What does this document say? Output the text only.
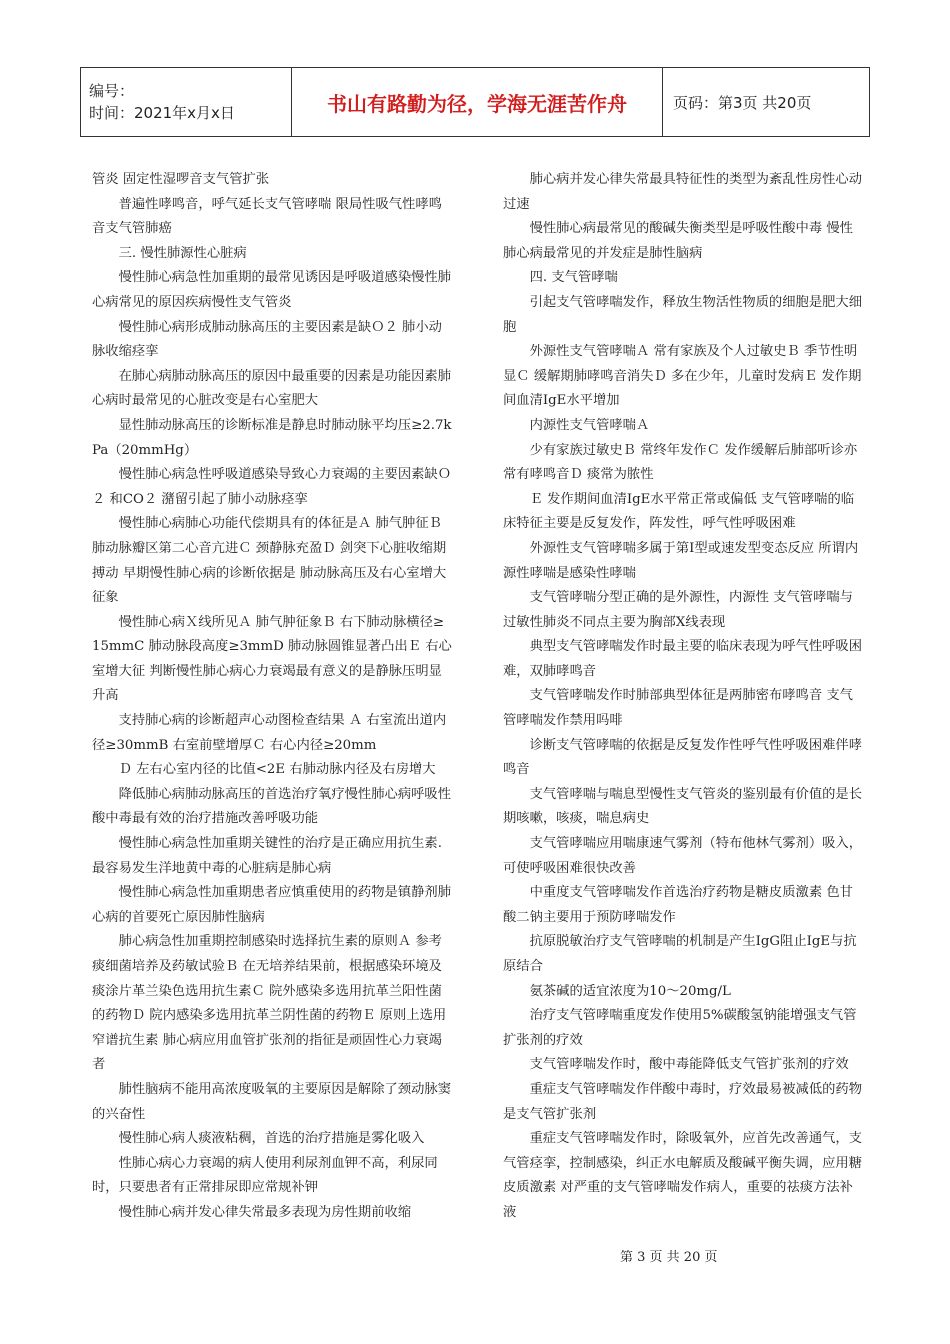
编号：
时间：2021年x月x日	书山有路勤为径，学海无涯苦作舟	页码：第3页 共20页

管炎 固定性湿啰音支气管扩张

普遍性哮鸣音，呼气延长支气管哮喘 限局性吸气性哮鸣音支气管肺癌

三. 慢性肺源性心脏病

慢性肺心病急性加重期的最常见诱因是呼吸道感染慢性肺心病常见的原因疾病慢性支气管炎

慢性肺心病形成肺动脉高压的主要因素是缺Ｏ２ 肺小动脉收缩痉挛

在肺心病肺动脉高压的原因中最重要的因素是功能因素肺心病时最常见的心脏改变是右心室肥大

显性肺动脉高压的诊断标准是静息时肺动脉平均压≥2.7kPa（20mmHg）

慢性肺心病急性呼吸道感染导致心力衰竭的主要因素缺Ｏ２ 和CO２ 潴留引起了肺小动脉痉挛

慢性肺心病肺心功能代偿期具有的体征是Ａ 肺气肿征Ｂ 肺动脉瓣区第二心音亢进Ｃ 颈静脉充盈Ｄ 剑突下心脏收缩期搏动 早期慢性肺心病的诊断依据是 肺动脉高压及右心室增大征象

慢性肺心病Ｘ线所见Ａ 肺气肿征象Ｂ 右下肺动脉横径≥15mmC 肺动脉段高度≥3mmD 肺动脉圆锥显著凸出Ｅ 右心室增大征 判断慢性肺心病心力衰竭最有意义的是静脉压明显升高

支持肺心病的诊断超声心动图检查结果 Ａ 右室流出道内径≥30mmB 右室前壁增厚Ｃ 右心内径≥20mm

Ｄ 左右心室内径的比值<2E 右肺动脉内径及右房增大

降低肺心病肺动脉高压的首选治疗氧疗慢性肺心病呼吸性酸中毒最有效的治疗措施改善呼吸功能

慢性肺心病急性加重期关键性的治疗是正确应用抗生素.最容易发生洋地黄中毒的心脏病是肺心病

慢性肺心病急性加重期患者应慎重使用的药物是镇静剂肺心病的首要死亡原因肺性脑病

肺心病急性加重期控制感染时选择抗生素的原则Ａ 参考痰细菌培养及药敏试验Ｂ 在无培养结果前，根据感染环境及痰涂片革兰染色选用抗生素Ｃ 院外感染多选用抗革兰阳性菌的药物Ｄ 院内感染多选用抗革兰阴性菌的药物Ｅ 原则上选用窄谱抗生素 肺心病应用血管扩张剂的指征是顽固性心力衰竭者

肺性脑病不能用高浓度吸氧的主要原因是解除了颈动脉窦的兴奋性

慢性肺心病人痰液粘稠，首选的治疗措施是雾化吸入

性肺心病心力衰竭的病人使用利尿剂血钾不高，利尿同时，只要患者有正常排尿即应常规补钾

慢性肺心病并发心律失常最多表现为房性期前收缩

肺心病并发心律失常最具特征性的类型为紊乱性房性心动过速

慢性肺心病最常见的酸碱失衡类型是呼吸性酸中毒 慢性肺心病最常见的并发症是肺性脑病

四. 支气管哮喘

引起支气管哮喘发作，释放生物活性物质的细胞是肥大细胞

外源性支气管哮喘Ａ 常有家族及个人过敏史Ｂ 季节性明显Ｃ 缓解期肺哮鸣音消失Ｄ 多在少年，儿童时发病Ｅ 发作期间血清IgE水平增加

内源性支气管哮喘Ａ

少有家族过敏史Ｂ 常终年发作Ｃ 发作缓解后肺部听诊亦常有哮鸣音Ｄ 痰常为脓性

Ｅ 发作期间血清IgE水平常正常或偏低 支气管哮喘的临床特征主要是反复发作，阵发性，呼气性呼吸困难

外源性支气管哮喘多属于第Ⅰ型或速发型变态反应 所谓内源性哮喘是感染性哮喘

支气管哮喘分型正确的是外源性，内源性 支气管哮喘与过敏性肺炎不同点主要为胸部X线表现

典型支气管哮喘发作时最主要的临床表现为呼气性呼吸困难，双肺哮鸣音

支气管哮喘发作时肺部典型体征是两肺密布哮鸣音 支气管哮喘发作禁用吗啡

诊断支气管哮喘的依据是反复发作性呼气性呼吸困难伴哮鸣音

支气管哮喘与喘息型慢性支气管炎的鉴别最有价值的是长期咳嗽，咳痰，喘息病史

支气管哮喘应用喘康速气雾剂（特布他林气雾剂）吸入，可使呼吸困难很快改善

中重度支气管哮喘发作首选治疗药物是糖皮质激素 色甘酸二钠主要用于预防哮喘发作

抗原脱敏治疗支气管哮喘的机制是产生IgG阻止IgE与抗原结合

氨茶碱的适宜浓度为10～20mg/L

治疗支气管哮喘重度发作使用5%碳酸氢钠能增强支气管扩张剂的疗效

支气管哮喘发作时，酸中毒能降低支气管扩张剂的疗效

重症支气管哮喘发作伴酸中毒时，疗效最易被减低的药物是支气管扩张剂

重症支气管哮喘发作时，除吸氧外，应首先改善通气，支气管痉挛，控制感染，纠正水电解质及酸碱平衡失调，应用糖皮质激素 对严重的支气管哮喘发作病人，重要的祛痰方法补液

第 3 页 共 20 页
